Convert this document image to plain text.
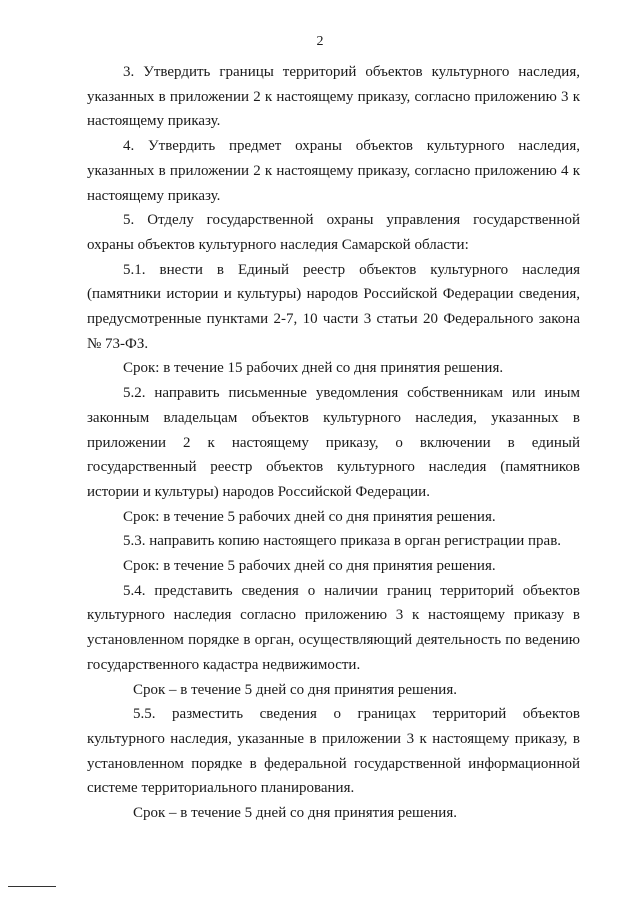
2

3. Утвердить границы территорий объектов культурного наследия, указанных в приложении 2 к настоящему приказу, согласно приложению 3 к настоящему приказу.

4. Утвердить предмет охраны объектов культурного наследия, указанных в приложении 2 к настоящему приказу, согласно приложению 4 к настоящему приказу.

5. Отделу государственной охраны управления государственной охраны объектов культурного наследия Самарской области:

5.1. внести в Единый реестр объектов культурного наследия (памятники истории и культуры) народов Российской Федерации сведения, предусмотренные пунктами 2-7, 10 части 3 статьи 20 Федерального закона № 73-ФЗ.

Срок: в течение 15 рабочих дней со дня принятия решения.

5.2. направить письменные уведомления собственникам или иным законным владельцам объектов культурного наследия, указанных в приложении 2 к настоящему приказу, о включении в единый государственный реестр объектов культурного наследия (памятников истории и культуры) народов Российской Федерации.

Срок: в течение 5 рабочих дней со дня принятия решения.

5.3. направить копию настоящего приказа в орган регистрации прав.

Срок: в течение 5 рабочих дней со дня принятия решения.

5.4. представить сведения о наличии границ территорий объектов культурного наследия согласно приложению 3 к настоящему приказу в установленном порядке в орган, осуществляющий деятельность по ведению государственного кадастра недвижимости.

Срок – в течение 5 дней со дня принятия решения.

5.5. разместить сведения о границах территорий объектов культурного наследия, указанные в приложении 3 к настоящему приказу, в установленном порядке в федеральной государственной информационной системе территориального планирования.

Срок – в течение 5 дней со дня принятия решения.
